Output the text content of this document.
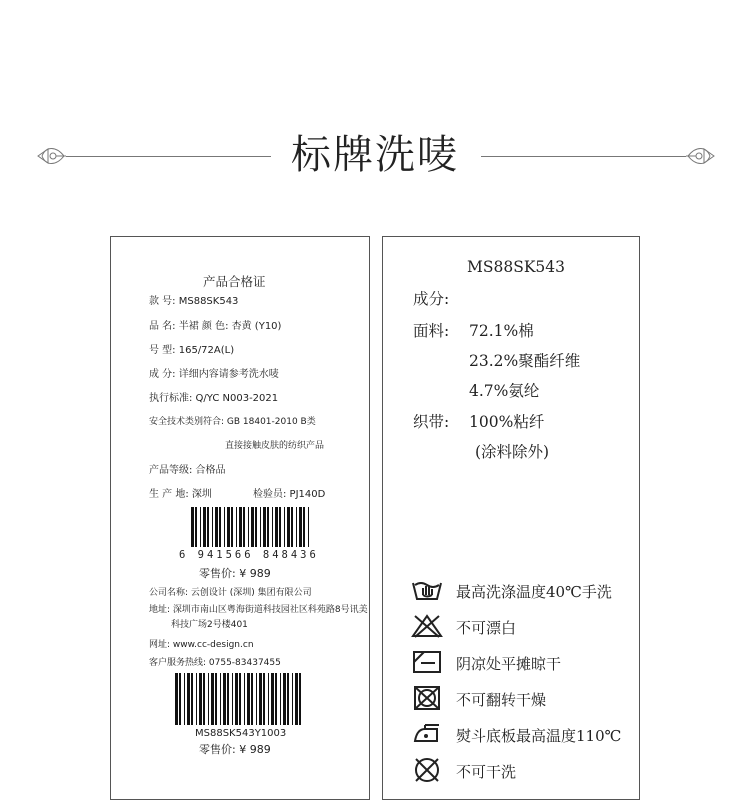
标牌洗唛
产品合格证
款 号: MS88SK543
品 名: 半裙 颜 色: 杏黄 (Y10)
号 型: 165/72A(L)
成 分: 详细内容请参考洗水唛
执行标准: Q/YC N003-2021
安全技术类别符合: GB 18401-2010 B类
直接接触皮肤的纺织产品
产品等级: 合格品
生 产 地: 深圳	检验员: PJ140D
6 941566 848436
零售价: ¥ 989
公司名称: 云创设计 (深圳) 集团有限公司
地址: 深圳市南山区粤海街道科技园社区科苑路8号讯美
科技广场2号楼401
网址: www.cc-design.cn
客户服务热线: 0755-83437455
MS88SK543Y1003
零售价: ¥ 989
MS88SK543
成分:
面料: 72.1%棉
23.2%聚酯纤维
4.7%氨纶
织带: 100%粘纤
(涂料除外)
最高洗涤温度40℃手洗
不可漂白
阴凉处平摊晾干
不可翻转干燥
熨斗底板最高温度110℃
不可干洗
